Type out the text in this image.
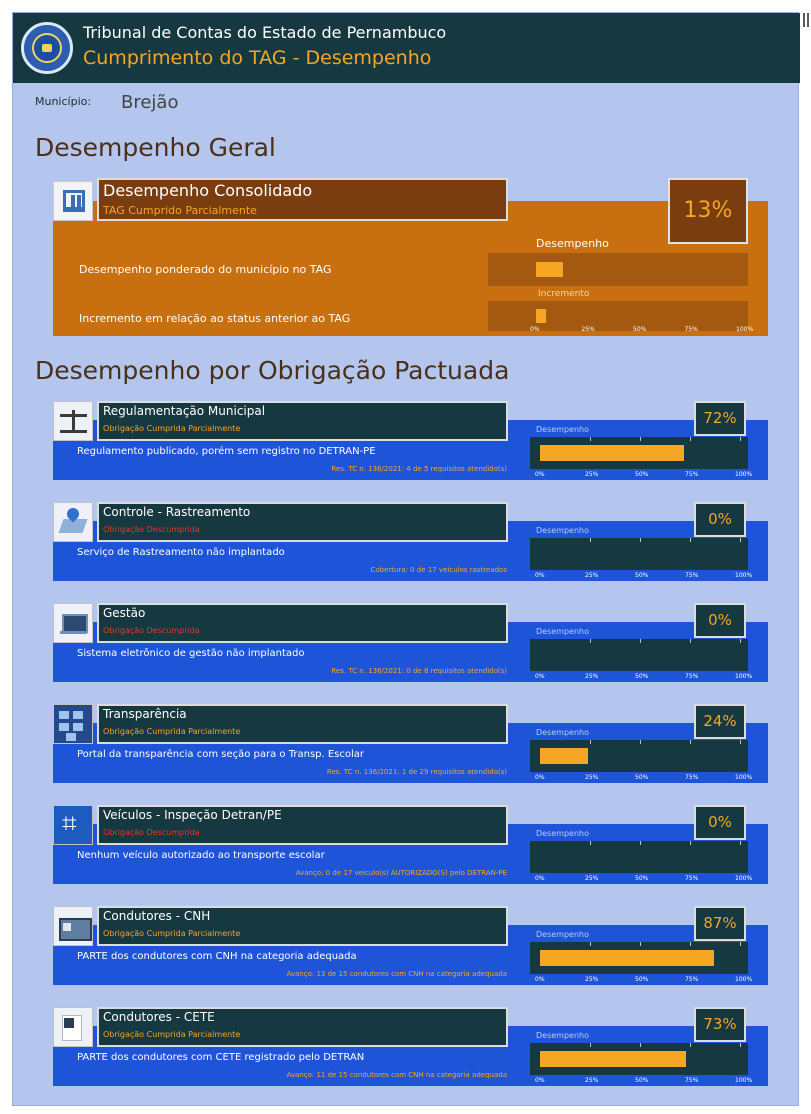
Tribunal de Contas do Estado de Pernambuco
Cumprimento do TAG - Desempenho
Município: Brejão
Desempenho Geral
Desempenho
Desempenho ponderado do município no TAG
Incremento
Incremento em relação ao status anterior ao TAG
0%	25%	50%	75%	100%
Desempenho Consolidado
TAG Cumprido Parcialmente	13%
Desempenho por Obrigação Pactuada
Regulamentação Municipal
Obrigação Cumprida Parcialmente
72%
Regulamento publicado, porém sem registro no DETRAN-PE
Res. TC n. 136/2021: 4 de 5 requisitos atendido(s)
Desempenho
0%	25%	50%	75%	100%
Controle - Rastreamento
Obrigação Descumprida
0%
Serviço de Rastreamento não implantado
Cobertura: 0 de 17 veículos rastreados
Desempenho
0%	25%	50%	75%	100%
Gestão
Obrigação Descumprida
0%
Sistema eletrônico de gestão não implantado
Res. TC n. 136/2021: 0 de 8 requisitos atendido(s)
Desempenho
0%	25%	50%	75%	100%
Transparência
Obrigação Cumprida Parcialmente
24%
Portal da transparência com seção para o Transp. Escolar
Res. TC n. 136/2021: 1 de 29 requisitos atendido(s)
Desempenho
0%	25%	50%	75%	100%
⌗
Veículos - Inspeção Detran/PE
Obrigação Descumprida
0%
Nenhum veículo autorizado ao transporte escolar
Avanço: 0 de 17 veículo(s) AUTORIZADO(S) pelo DETRAN-PE
Desempenho
0%	25%	50%	75%	100%
Condutores - CNH
Obrigação Cumprida Parcialmente
87%
PARTE dos condutores com CNH na categoria adequada
Avanço: 13 de 15 condutores com CNH na categoria adequada
Desempenho
0%	25%	50%	75%	100%
Condutores - CETE
Obrigação Cumprida Parcialmente
73%
PARTE dos condutores com CETE registrado pelo DETRAN
Avanço: 11 de 15 condutores com CNH na categoria adequada
Desempenho
0%	25%	50%	75%	100%
